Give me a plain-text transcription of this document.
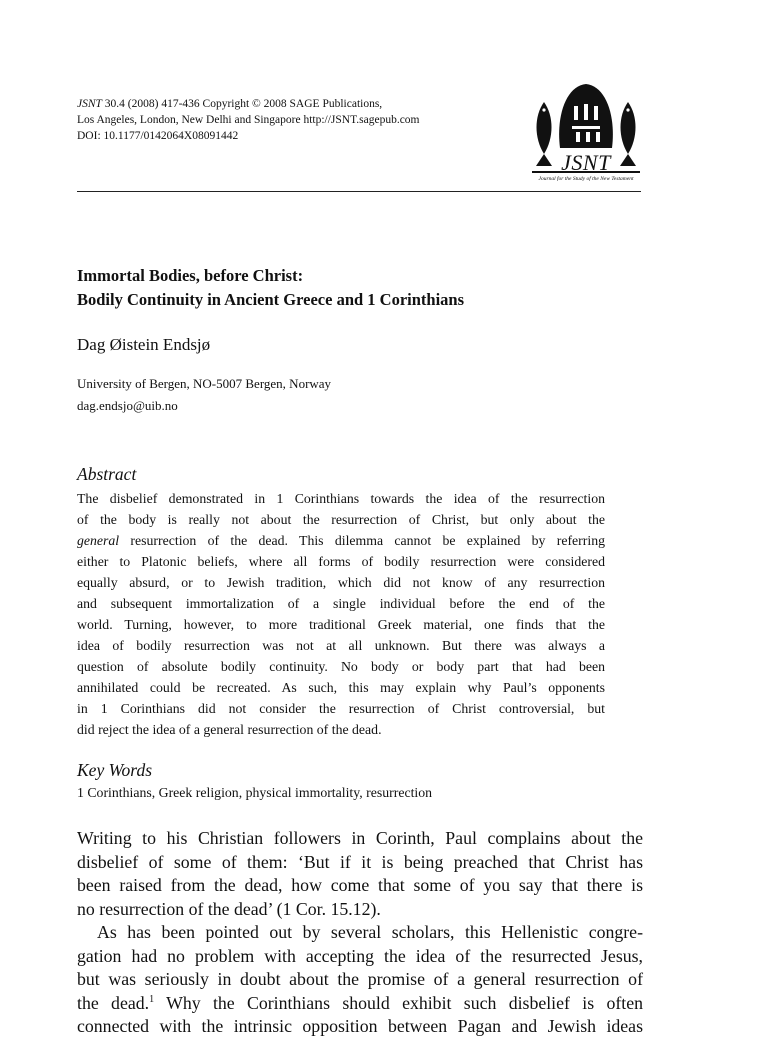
JSNT 30.4 (2008) 417-436 Copyright © 2008 SAGE Publications,
Los Angeles, London, New Delhi and Singapore http://JSNT.sagepub.com
DOI: 10.1177/0142064X08091442
JSNT
Journal for the Study of the New Testament
Immortal Bodies, before Christ:
Bodily Continuity in Ancient Greece and 1 Corinthians
Dag Øistein Endsjø
University of Bergen, NO-5007 Bergen, Norway
dag.endsjo@uib.no
Abstract
The disbelief demonstrated in 1 Corinthians towards the idea of the resurrection
of the body is really not about the resurrection of Christ, but only about the
general resurrection of the dead. This dilemma cannot be explained by referring
either to Platonic beliefs, where all forms of bodily resurrection were considered
equally absurd, or to Jewish tradition, which did not know of any resurrection
and subsequent immortalization of a single individual before the end of the
world. Turning, however, to more traditional Greek material, one finds that the
idea of bodily resurrection was not at all unknown. But there was always a
question of absolute bodily continuity. No body or body part that had been
annihilated could be recreated. As such, this may explain why Paul’s opponents
in 1 Corinthians did not consider the resurrection of Christ controversial, but
did reject the idea of a general resurrection of the dead.
Key Words
1 Corinthians, Greek religion, physical immortality, resurrection
Writing to his Christian followers in Corinth, Paul complains about the
disbelief of some of them: ‘But if it is being preached that Christ has
been raised from the dead, how come that some of you say that there is
no resurrection of the dead’ (1 Cor. 15.12).
As has been pointed out by several scholars, this Hellenistic congre-
gation had no problem with accepting the idea of the resurrected Jesus,
but was seriously in doubt about the promise of a general resurrection of
the dead.$^1$ Why the Corinthians should exhibit such disbelief is often
connected with the intrinsic opposition between Pagan and Jewish ideas
